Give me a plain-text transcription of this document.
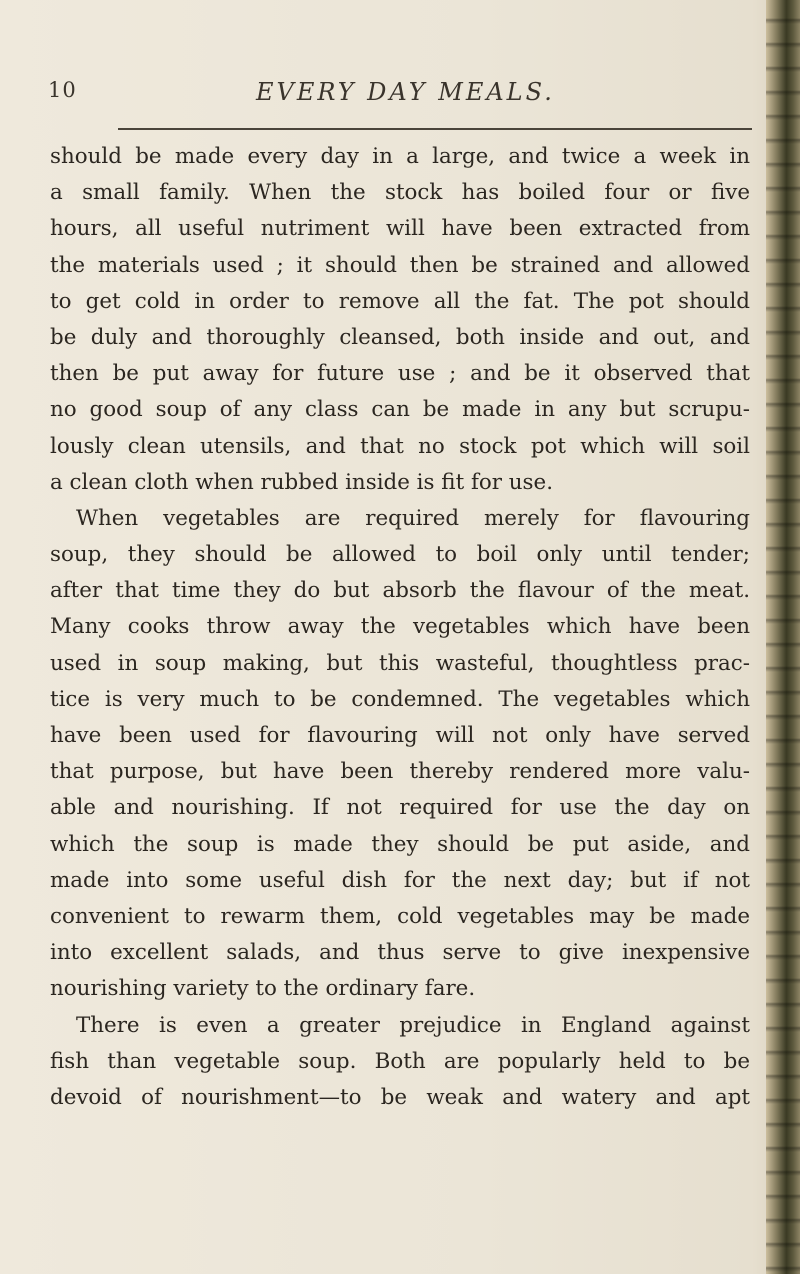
10	EVERY DAY MEALS.
should be made every day in a large, and twice a week in
a small family. When the stock has boiled four or five
hours, all useful nutriment will have been extracted from
the materials used ; it should then be strained and allowed
to get cold in order to remove all the fat. The pot should
be duly and thoroughly cleansed, both inside and out, and
then be put away for future use ; and be it observed that
no good soup of any class can be made in any but scrupu-
lously clean utensils, and that no stock pot which will soil
a clean cloth when rubbed inside is fit for use.
When vegetables are required merely for flavouring
soup, they should be allowed to boil only until tender;
after that time they do but absorb the flavour of the meat.
Many cooks throw away the vegetables which have been
used in soup making, but this wasteful, thoughtless prac-
tice is very much to be condemned. The vegetables which
have been used for flavouring will not only have served
that purpose, but have been thereby rendered more valu-
able and nourishing. If not required for use the day on
which the soup is made they should be put aside, and
made into some useful dish for the next day; but if not
convenient to rewarm them, cold vegetables may be made
into excellent salads, and thus serve to give inexpensive
nourishing variety to the ordinary fare.
There is even a greater prejudice in England against
fish than vegetable soup. Both are popularly held to be
devoid of nourishment—to be weak and watery and apt
